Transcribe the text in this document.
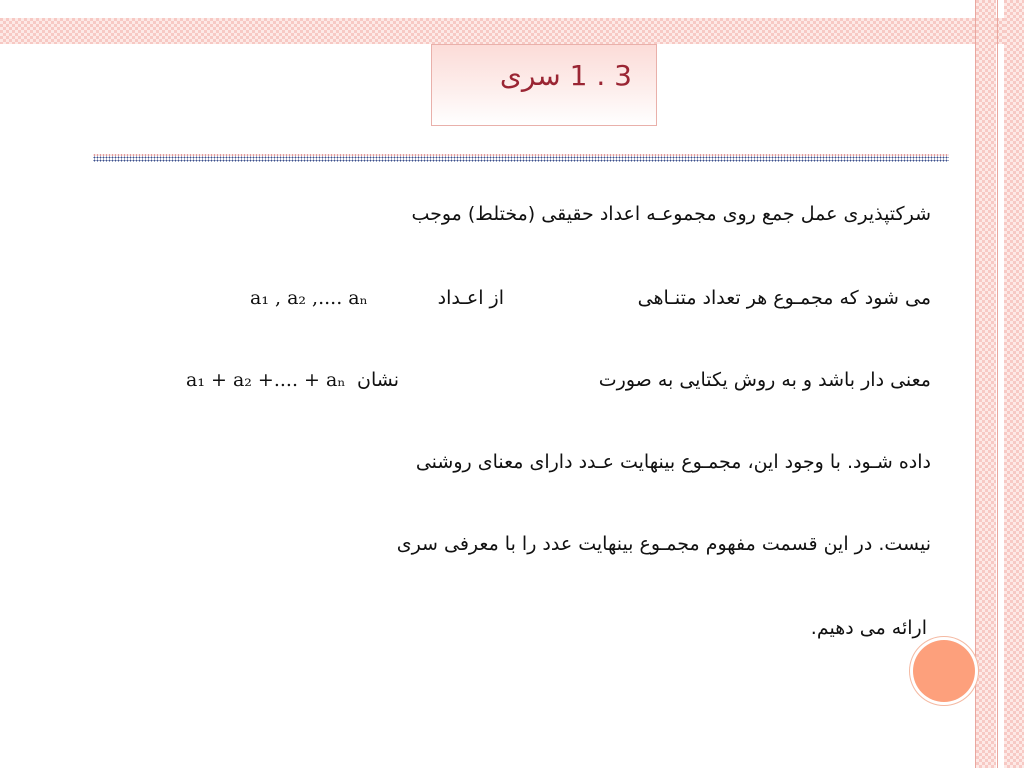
3 . 1 سری
شرکتپذیری عمل جمع روی مجموعـه اعداد حقیقی (مختلط) موجب
می شود که مجمـوع هر تعداد متنـاهی
از اعـداد
a₁ , a₂ ,.... aₙ
معنی دار باشد و به روش یکتایی به صورت
نشان
a₁ + a₂ +.... + aₙ
داده شـود. با وجود این، مجمـوع بینهایت عـدد دارای معنای روشنی
نیست. در این قسمت مفهوم مجمـوع بینهایت عدد را با معرفی سری
ارائه می دهیم.
